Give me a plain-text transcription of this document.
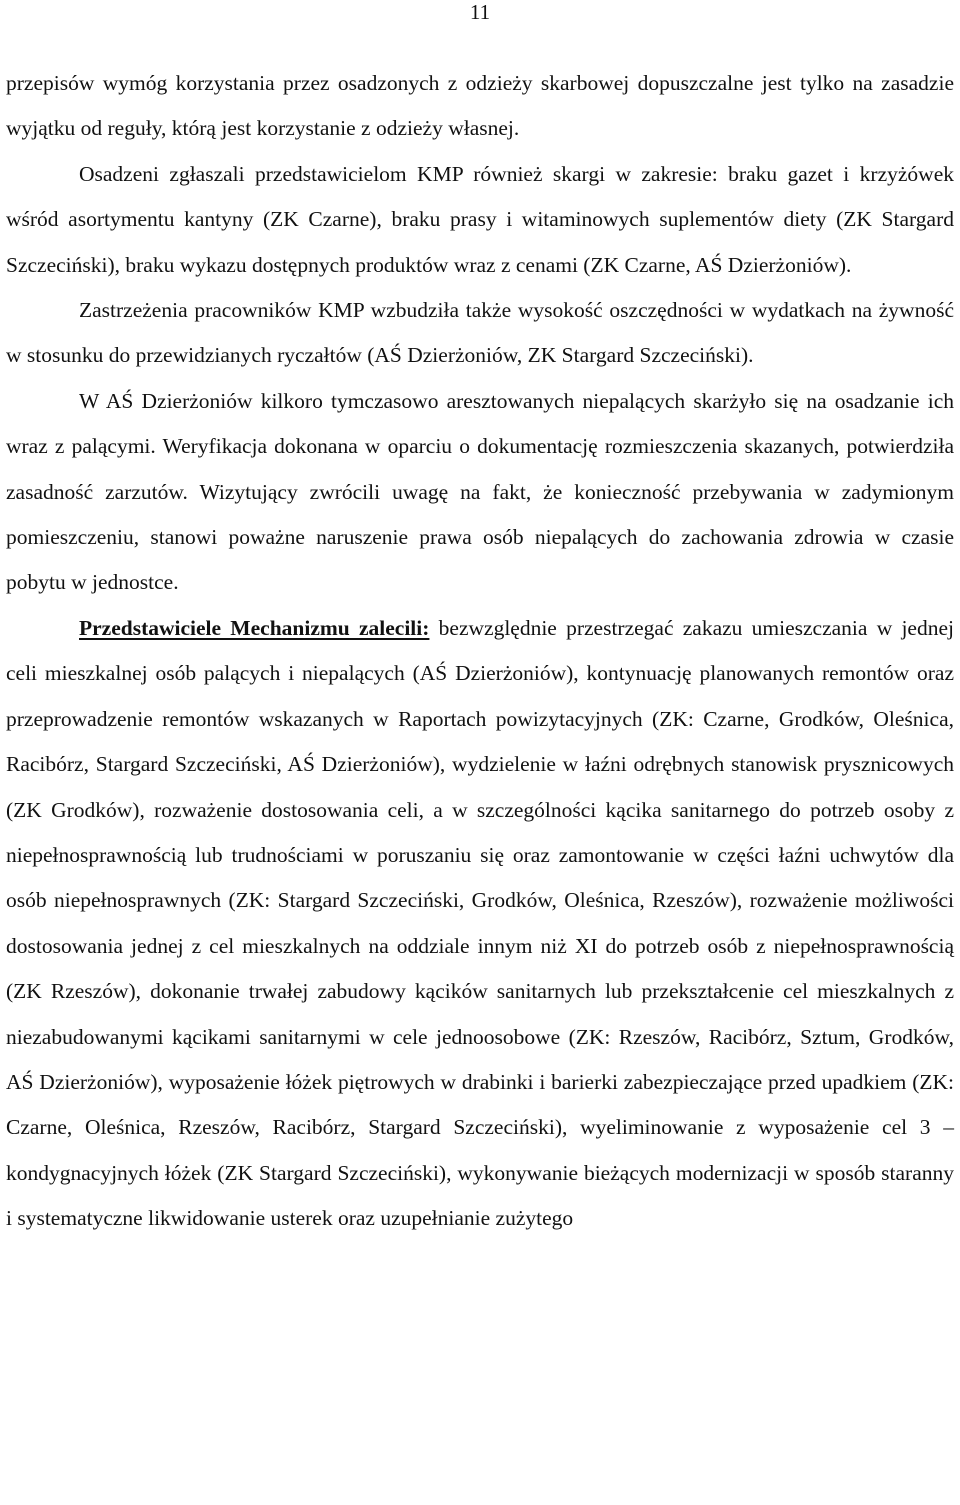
11

przepisów wymóg korzystania przez osadzonych z odzieży skarbowej dopuszczalne jest tylko na zasadzie wyjątku od reguły, którą jest korzystanie z odzieży własnej.

Osadzeni zgłaszali przedstawicielom KMP również skargi w zakresie: braku gazet i krzyżówek wśród asortymentu kantyny (ZK Czarne), braku prasy i witaminowych suplementów diety (ZK Stargard Szczeciński), braku wykazu dostępnych produktów wraz z cenami (ZK Czarne, AŚ Dzierżoniów).

Zastrzeżenia pracowników KMP wzbudziła także wysokość oszczędności w wydatkach na żywność w stosunku do przewidzianych ryczałtów (AŚ Dzierżoniów, ZK Stargard Szczeciński).

W AŚ Dzierżoniów kilkoro tymczasowo aresztowanych niepalących skarżyło się na osadzanie ich wraz z palącymi. Weryfikacja dokonana w oparciu o dokumentację rozmieszczenia skazanych, potwierdziła zasadność zarzutów. Wizytujący zwrócili uwagę na fakt, że konieczność przebywania w zadymionym pomieszczeniu, stanowi poważne naruszenie prawa osób niepalących do zachowania zdrowia w czasie pobytu w jednostce.

Przedstawiciele Mechanizmu zalecili: bezwzględnie przestrzegać zakazu umieszczania w jednej celi mieszkalnej osób palących i niepalących (AŚ Dzierżoniów), kontynuację planowanych remontów oraz przeprowadzenie remontów wskazanych w Raportach powizytacyjnych (ZK: Czarne, Grodków, Oleśnica, Racibórz, Stargard Szczeciński, AŚ Dzierżoniów), wydzielenie w łaźni odrębnych stanowisk prysznicowych (ZK Grodków), rozważenie dostosowania celi, a w szczególności kącika sanitarnego do potrzeb osoby z niepełnosprawnością lub trudnościami w poruszaniu się oraz zamontowanie w części łaźni uchwytów dla osób niepełnosprawnych (ZK: Stargard Szczeciński, Grodków, Oleśnica, Rzeszów), rozważenie możliwości dostosowania jednej z cel mieszkalnych na oddziale innym niż XI do potrzeb osób z niepełnosprawnością (ZK Rzeszów), dokonanie trwałej zabudowy kącików sanitarnych lub przekształcenie cel mieszkalnych z niezabudowanymi kącikami sanitarnymi w cele jednoosobowe (ZK: Rzeszów, Racibórz, Sztum, Grodków, AŚ Dzierżoniów), wyposażenie łóżek piętrowych w drabinki i barierki zabezpieczające przed upadkiem (ZK: Czarne, Oleśnica, Rzeszów, Racibórz, Stargard Szczeciński), wyeliminowanie z wyposażenie cel 3 – kondygnacyjnych łóżek (ZK Stargard Szczeciński), wykonywanie bieżących modernizacji w sposób staranny i systematyczne likwidowanie usterek oraz uzupełnianie zużytego
